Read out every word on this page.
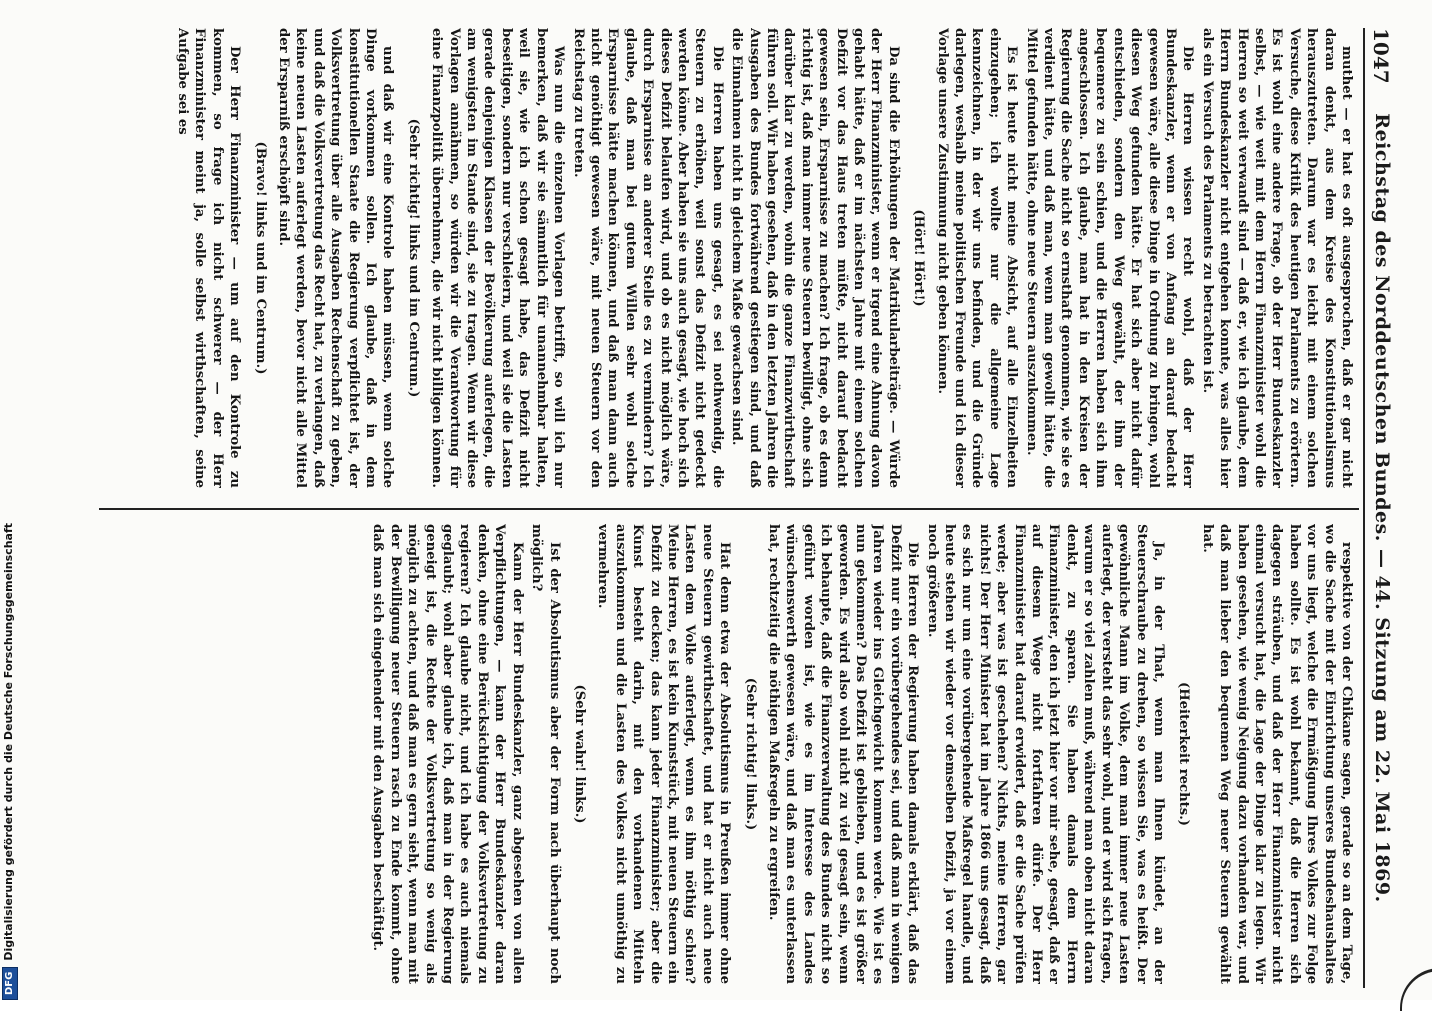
1047
Reichstag des Norddeutschen Bundes. — 44. Sitzung am 22. Mai 1869.

muthet — er hat es oft ausgesprochen, daß er gar nicht daran denkt, aus dem Kreise des Konstitutionalismus herauszutreten. Darum war es leicht mit einem solchen Versuche, diese Kritik des heutigen Parlaments zu erörtern. Es ist wohl eine andere Frage, ob der Herr Bundeskanzler selbst, — wie weit mit dem Herrn Finanzminister wohl die Herren so weit verwandt sind — daß er, wie ich glaube, dem Herrn Bundeskanzler nicht entgehen konnte, was alles hier als ein Versuch des Parlaments zu betrachten ist.

Die Herren wissen recht wohl, daß der Herr Bundeskanzler, wenn er von Anfang an darauf bedacht gewesen wäre, alle diese Dinge in Ordnung zu bringen, wohl diesen Weg gefunden hätte. Er hat sich aber nicht dafür entschieden, sondern den Weg gewählt, der ihm der bequemere zu sein schien, und die Herren haben sich ihm angeschlossen. Ich glaube, man hat in den Kreisen der Regierung die Sache nicht so ernsthaft genommen, wie sie es verdient hätte, und daß man, wenn man gewollt hätte, die Mittel gefunden hätte, ohne neue Steuern auszukommen.

Es ist heute nicht meine Absicht, auf alle Einzelheiten einzugehen; ich wollte nur die allgemeine Lage kennzeichnen, in der wir uns befinden, und die Gründe darlegen, weshalb meine politischen Freunde und ich dieser Vorlage unsere Zustimmung nicht geben können.

(Hört! Hört!)

Da sind die Erhöhungen der Matrikularbeiträge. — Würde der Herr Finanzminister, wenn er irgend eine Ahnung davon gehabt hätte, daß er im nächsten Jahre mit einem solchen Defizit vor das Haus treten müßte, nicht darauf bedacht gewesen sein, Ersparnisse zu machen? Ich frage, ob es denn richtig ist, daß man immer neue Steuern bewilligt, ohne sich darüber klar zu werden, wohin die ganze Finanzwirthschaft führen soll. Wir haben gesehen, daß in den letzten Jahren die Ausgaben des Bundes fortwährend gestiegen sind, und daß die Einnahmen nicht in gleichem Maße gewachsen sind.

Die Herren haben uns gesagt, es sei nothwendig, die Steuern zu erhöhen, weil sonst das Defizit nicht gedeckt werden könne. Aber haben sie uns auch gesagt, wie hoch sich dieses Defizit belaufen wird, und ob es nicht möglich wäre, durch Ersparnisse an anderer Stelle es zu vermindern? Ich glaube, daß man bei gutem Willen sehr wohl solche Ersparnisse hätte machen können, und daß man dann auch nicht genöthigt gewesen wäre, mit neuen Steuern vor den Reichstag zu treten.

Was nun die einzelnen Vorlagen betrifft, so will ich nur bemerken, daß wir sie sämmtlich für unannehmbar halten, weil sie, wie ich schon gesagt habe, das Defizit nicht beseitigen, sondern nur verschleiern, und weil sie die Lasten gerade denjenigen Klassen der Bevölkerung auferlegen, die am wenigsten im Stande sind, sie zu tragen. Wenn wir diese Vorlagen annähmen, so würden wir die Verantwortung für eine Finanzpolitik übernehmen, die wir nicht billigen können.

(Sehr richtig! links und im Centrum.)

und daß wir eine Kontrole haben müssen, wenn solche Dinge vorkommen sollen. Ich glaube, daß in dem konstitutionellen Staate die Regierung verpflichtet ist, der Volksvertretung über alle Ausgaben Rechenschaft zu geben, und daß die Volksvertretung das Recht hat, zu verlangen, daß keine neuen Lasten auferlegt werden, bevor nicht alle Mittel der Ersparniß erschöpft sind.

(Bravo! links und im Centrum.)

Der Herr Finanzminister — um auf den Kontrole zu kommen, so frage ich nicht schwerer — der Herr Finanzminister meint ja, solle selbst wirthschaften, seine Aufgabe sei es

respektive von der Chikane sagen, gerade so an dem Tage, wo die Sache mit der Einrichtung unseres Bundeshaushaltes vor uns liegt, welche die Ermäßigung Ihres Volkes zur Folge haben sollte. Es ist wohl bekannt, daß die Herren sich dagegen sträuben, und daß der Herr Finanzminister nicht einmal versucht hat, die Lage der Dinge klar zu legen. Wir haben gesehen, wie wenig Neigung dazu vorhanden war, und daß man lieber den bequemen Weg neuer Steuern gewählt hat.

(Heiterkeit rechts.)

Ja, in der That, wenn man Ihnen kündet, an der Steuerschraube zu drehen, so wissen Sie, was es heißt. Der gewöhnliche Mann im Volke, dem man immer neue Lasten auferlegt, der versteht das sehr wohl, und er wird sich fragen, warum er so viel zahlen muß, während man oben nicht daran denkt, zu sparen. Sie haben damals dem Herrn Finanzminister, den ich jetzt hier vor mir sehe, gesagt, daß er auf diesem Wege nicht fortfahren dürfe. Der Herr Finanzminister hat darauf erwidert, daß er die Sache prüfen werde; aber was ist geschehen? Nichts, meine Herren, gar nichts! Der Herr Minister hat im Jahre 1866 uns gesagt, daß es sich nur um eine vorübergehende Maßregel handle, und heute stehen wir wieder vor demselben Defizit, ja vor einem noch größeren.

Die Herren der Regierung haben damals erklärt, daß das Defizit nur ein vorübergehendes sei, und daß man in wenigen Jahren wieder ins Gleichgewicht kommen werde. Wie ist es nun gekommen? Das Defizit ist geblieben, und es ist größer geworden. Es wird also wohl nicht zu viel gesagt sein, wenn ich behaupte, daß die Finanzverwaltung des Bundes nicht so geführt worden ist, wie es im Interesse des Landes wünschenswerth gewesen wäre, und daß man es unterlassen hat, rechtzeitig die nöthigen Maßregeln zu ergreifen.

(Sehr richtig! links.)

Hat denn etwa der Absolutismus in Preußen immer ohne neue Steuern gewirthschaftet, und hat er nicht auch neue Lasten dem Volke auferlegt, wenn es ihm nöthig schien? Meine Herren, es ist kein Kunststück, mit neuen Steuern ein Defizit zu decken; das kann jeder Finanzminister; aber die Kunst besteht darin, mit den vorhandenen Mitteln auszukommen und die Lasten des Volkes nicht unnöthig zu vermehren.

(Sehr wahr! links.)

Ist der Absolutismus aber der Form nach überhaupt noch möglich?

Kann der Herr Bundeskanzler, ganz abgesehen von allen Verpflichtungen, — kann der Herr Bundeskanzler daran denken, ohne eine Berücksichtigung der Volksvertretung zu regieren? Ich glaube nicht, und ich habe es auch niemals geglaubt; wohl aber glaube ich, daß man in der Regierung geneigt ist, die Rechte der Volksvertretung so wenig als möglich zu achten, und daß man es gern sieht, wenn man mit der Bewilligung neuer Steuern rasch zu Ende kommt, ohne daß man sich eingehender mit den Ausgaben beschäftigt.

DFGDigitalisierung gefördert durch die Deutsche Forschungsgemeinschaft
